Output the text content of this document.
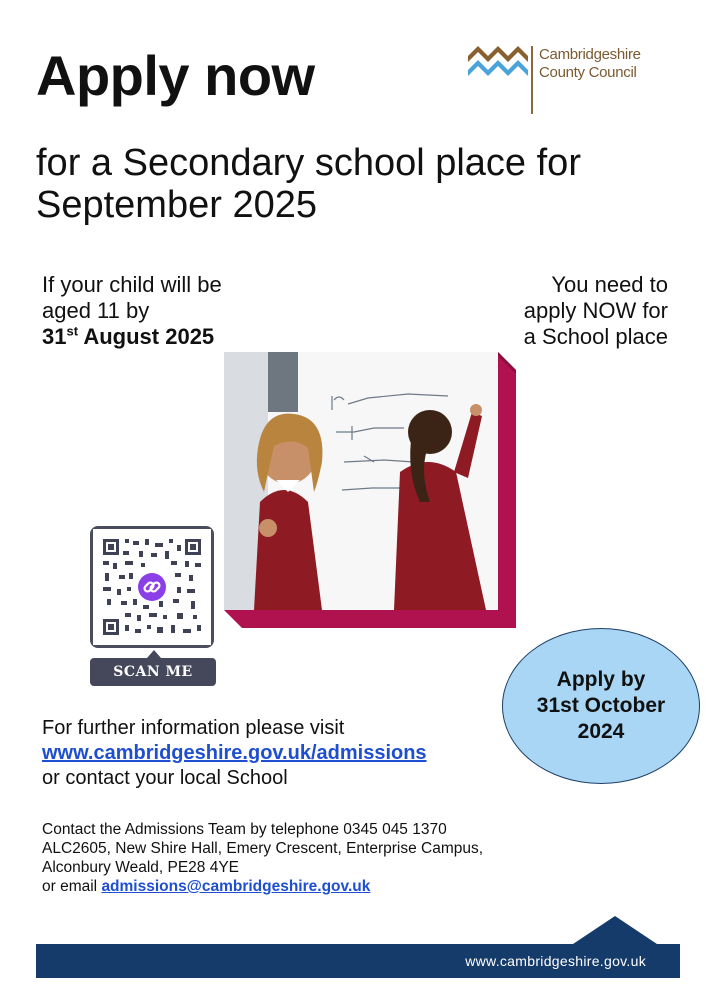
Apply now
for a Secondary school place for September 2025
Cambridgeshire
County Council
If your child will be aged 11 by
31st August 2025
You need to apply NOW for a School place
SCAN ME
For further information please visit
www.cambridgeshire.gov.uk/admissions
or contact your local School
Contact the Admissions Team by telephone 0345 045 1370
ALC2605, New Shire Hall, Emery Crescent, Enterprise Campus,
Alconbury Weald, PE28 4YE
or email admissions@cambridgeshire.gov.uk
Apply by 31st October 2024
www.cambridgeshire.gov.uk
